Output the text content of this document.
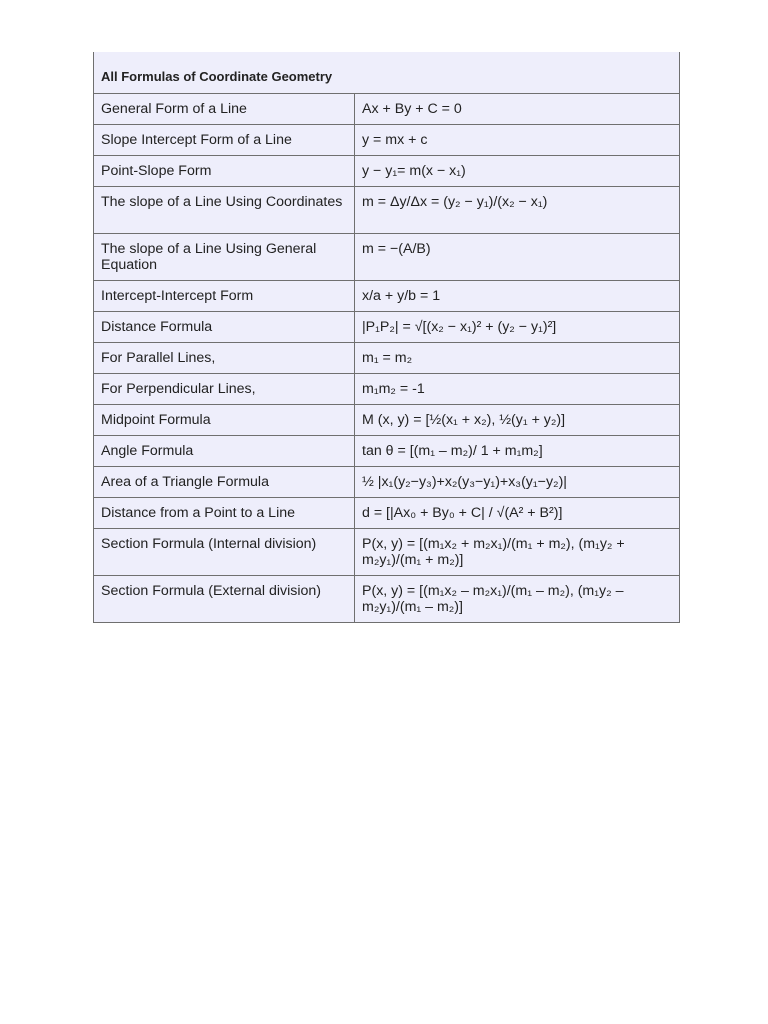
All Formulas of Coordinate Geometry	
General Form of a Line	Ax + By + C = 0
Slope Intercept Form of a Line	y = mx + c
Point-Slope Form	y − y₁= m(x − x₁)
The slope of a Line Using Coordinates	m = Δy/Δx = (y₂ − y₁)/(x₂ − x₁)
The slope of a Line Using General Equation	m = −(A/B)
Intercept-Intercept Form	x/a + y/b = 1
Distance Formula	|P₁P₂| = √[(x₂ − x₁)² + (y₂ − y₁)²]
For Parallel Lines,	m₁ = m₂
For Perpendicular Lines,	m₁m₂ = -1
Midpoint Formula	M (x, y) = [½(x₁ + x₂), ½(y₁ + y₂)]
Angle Formula	tan θ = [(m₁ – m₂)/ 1 + m₁m₂]
Area of a Triangle Formula	½ |x₁(y₂−y₃)+x₂(y₃−y₁)+x₃(y₁−y₂)|
Distance from a Point to a Line	d = [|Ax₀ + By₀ + C| / √(A² + B²)]
Section Formula (Internal division)	P(x, y) = [(m₁x₂ + m₂x₁)/(m₁ + m₂), (m₁y₂ + m₂y₁)/(m₁ + m₂)]
Section Formula (External division)	P(x, y) = [(m₁x₂ – m₂x₁)/(m₁ – m₂), (m₁y₂ – m₂y₁)/(m₁ – m₂)]
